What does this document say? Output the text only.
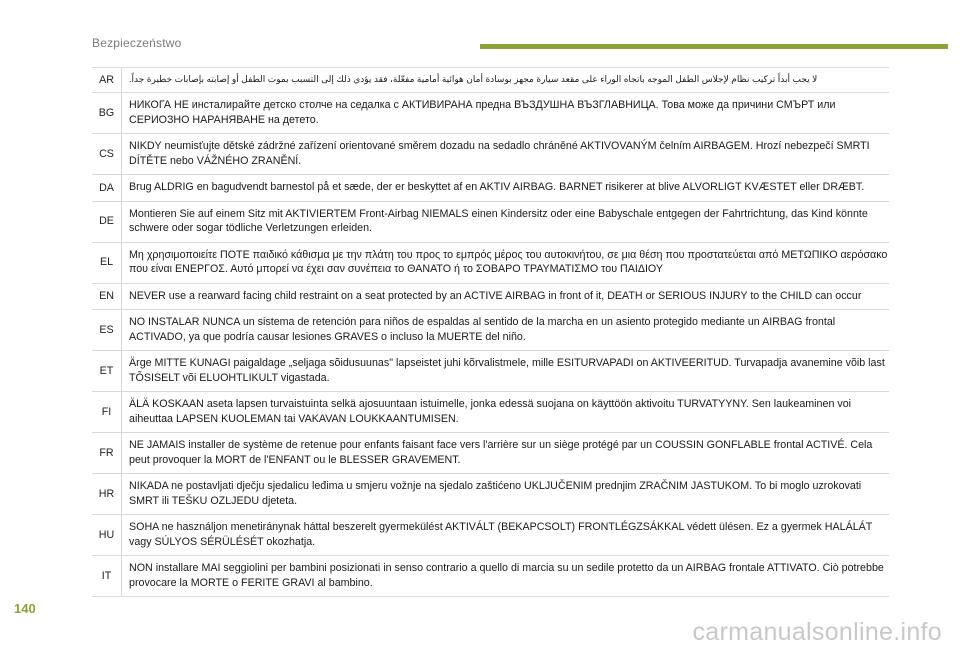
Bezpieczeństwo
AR	لا يجب أبداً تركيب نظام لإجلاس الطفل الموجه باتجاه الوراء على مقعد سيارة مجهز بوسادة أمان هوائية أمامية مفعّلة، فقد يؤدي ذلك إلى التسبب بموت الطفل أو إصابته بإصابات خطيرة جداً.
BG	НИКОГА НЕ инсталирайте детско столче на седалка с АКТИВИРАНА предна ВЪЗДУШНА ВЪЗГЛАВНИЦА. Това може да причини СМЪРТ или СЕРИОЗНО НАРАНЯВАНЕ на детето.
CS	NIKDY neumisťujte dětské zádržné zařízení orientované směrem dozadu na sedadlo chráněné AKTIVOVANÝM čelním AIRBAGEM. Hrozí nebezpečí SMRTI DÍTĚTE nebo VÁŽNÉHO ZRANĚNÍ.
DA	Brug ALDRIG en bagudvendt barnestol på et sæde, der er beskyttet af en AKTIV AIRBAG. BARNET risikerer at blive ALVORLIGT KVÆSTET eller DRÆBT.
DE	Montieren Sie auf einem Sitz mit AKTIVIERTEM Front-Airbag NIEMALS einen Kindersitz oder eine Babyschale entgegen der Fahrtrichtung, das Kind könnte schwere oder sogar tödliche Verletzungen erleiden.
EL	Μη χρησιμοποιείτε ΠΟΤΕ παιδικό κάθισμα με την πλάτη του προς το εμπρός μέρος του αυτοκινήτου, σε μια θέση που προστατεύεται από ΜΕΤΩΠΙΚΟ αερόσακο που είναι ΕΝΕΡΓΟΣ. Αυτό μπορεί να έχει σαν συνέπεια το ΘΑΝΑΤΟ ή το ΣΟΒΑΡΟ ΤΡΑΥΜΑΤΙΣΜΟ του ΠΑΙΔΙΟΥ
EN	NEVER use a rearward facing child restraint on a seat protected by an ACTIVE AIRBAG in front of it, DEATH or SERIOUS INJURY to the CHILD can occur
ES	NO INSTALAR NUNCA un sistema de retención para niños de espaldas al sentido de la marcha en un asiento protegido mediante un AIRBAG frontal ACTIVADO, ya que podría causar lesiones GRAVES o incluso la MUERTE del niño.
ET	Ärge MITTE KUNAGI paigaldage „seljaga sõidusuunas" lapseistet juhi kõrvalistmele, mille ESITURVAPADI on AKTIVEERITUD. Turvapadja avanemine võib last TÕSISELT või ELUOHTLIKULT vigastada.
FI	ÄLÄ KOSKAAN aseta lapsen turvaistuinta selkä ajosuuntaan istuimelle, jonka edessä suojana on käyttöön aktivoitu TURVATYYNY. Sen laukeaminen voi aiheuttaa LAPSEN KUOLEMAN tai VAKAVAN LOUKKAANTUMISEN.
FR	NE JAMAIS installer de système de retenue pour enfants faisant face vers l'arrière sur un siège protégé par un COUSSIN GONFLABLE frontal ACTIVÉ. Cela peut provoquer la MORT de l'ENFANT ou le BLESSER GRAVEMENT.
HR	NIKADA ne postavljati dječju sjedalicu leđima u smjeru vožnje na sjedalo zaštićeno UKLJUČENIM prednjim ZRAČNIM JASTUKOM. To bi moglo uzrokovati SMRT ili TEŠKU OZLJEDU djeteta.
HU	SOHA ne használjon menetiránynak háttal beszerelt gyermekülést AKTIVÁLT (BEKAPCSOLT) FRONTLÉGZSÁKKAL védett ülésen. Ez a gyermek HALÁLÁT vagy SÚLYOS SÉRÜLÉSÉT okozhatja.
IT	NON installare MAI seggiolini per bambini posizionati in senso contrario a quello di marcia su un sedile protetto da un AIRBAG frontale ATTIVATO. Ciò potrebbe provocare la MORTE o FERITE GRAVI al bambino.
140
carmanualsonline.info
